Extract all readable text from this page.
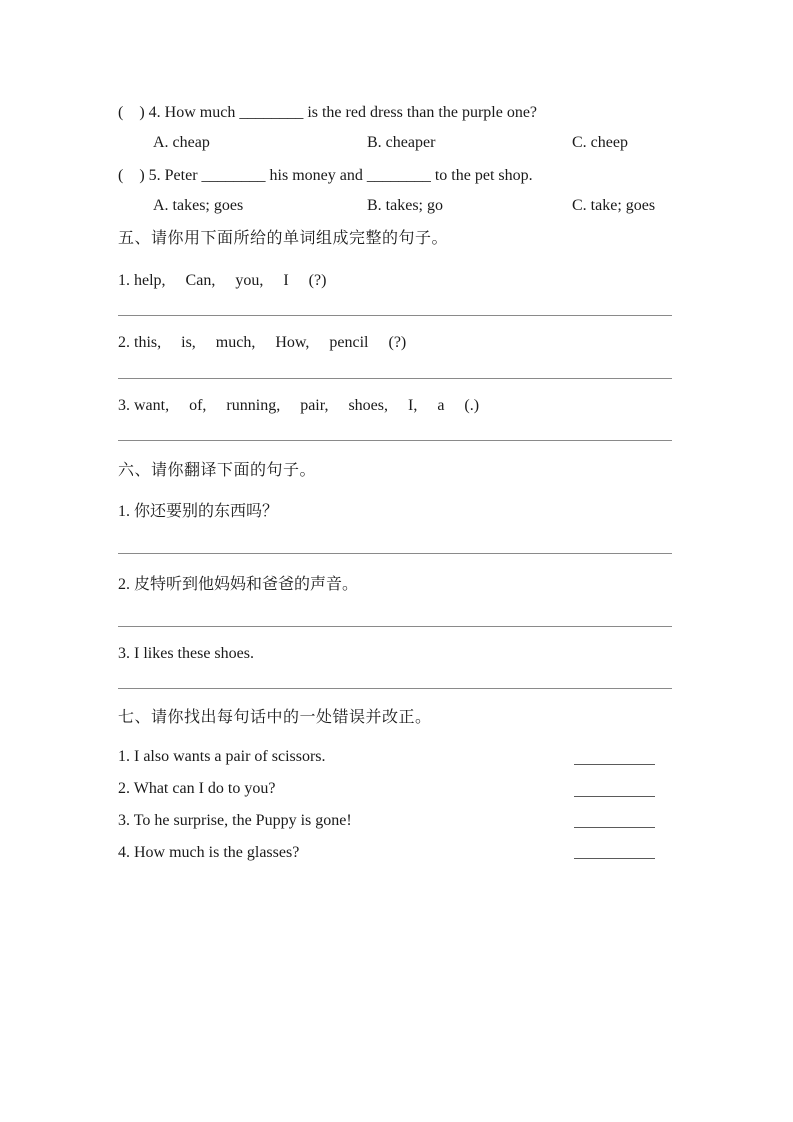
(    ) 4. How much ________ is the red dress than the purple one?
A. cheap	B. cheaper	C. cheep
(    ) 5. Peter ________ his money and ________ to the pet shop.
A. takes; goes	B. takes; go	C. take; goes
五、请你用下面所给的单词组成完整的句子。
1. help,     Can,     you,     I     (?)
2. this,     is,     much,     How,     pencil     (?)
3. want,     of,     running,     pair,     shoes,     I,     a     (.)
六、请你翻译下面的句子。
1. 你还要别的东西吗？
2. 皮特听到他妈妈和爸爸的声音。
3. I likes these shoes.
七、请你找出每句话中的一处错误并改正。
1. I also wants a pair of scissors.
2. What can I do to you?
3. To he surprise, the Puppy is gone!
4. How much is the glasses?
